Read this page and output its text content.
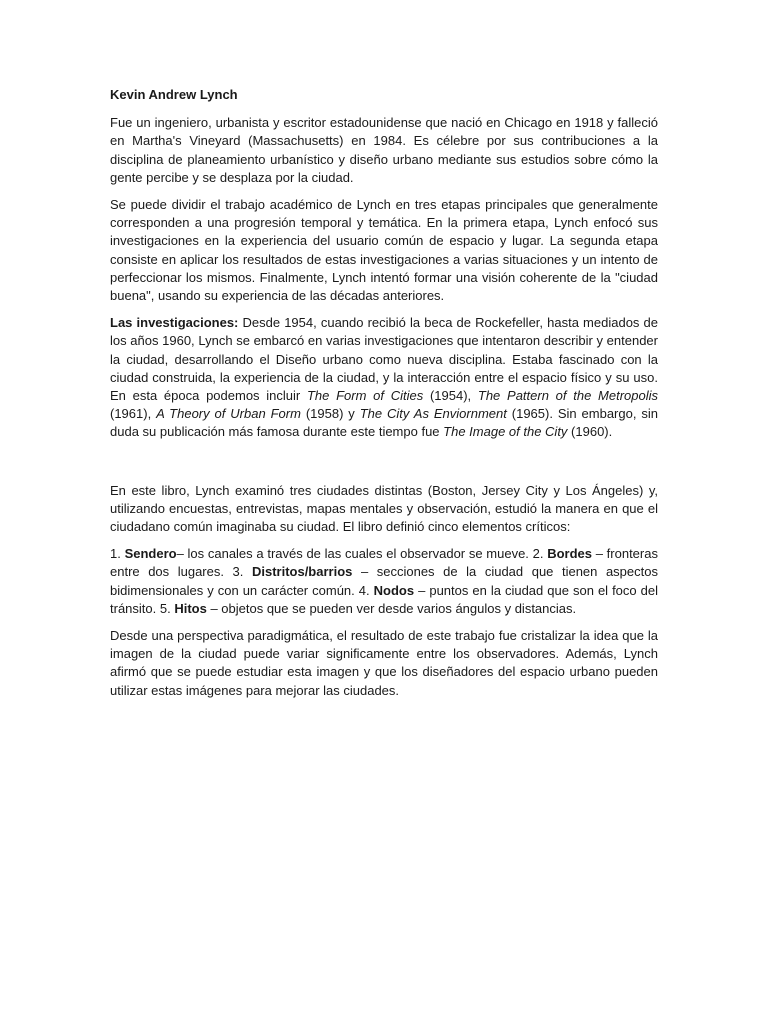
Kevin Andrew Lynch

Fue un ingeniero, urbanista y escritor estadounidense que nació en Chicago en 1918 y falleció en Martha's Vineyard (Massachusetts) en 1984. Es célebre por sus contribuciones a la disciplina de planeamiento urbanístico y diseño urbano mediante sus estudios sobre cómo la gente percibe y se desplaza por la ciudad.

Se puede dividir el trabajo académico de Lynch en tres etapas principales que generalmente corresponden a una progresión temporal y temática. En la primera etapa, Lynch enfocó sus investigaciones en la experiencia del usuario común de espacio y lugar. La segunda etapa consiste en aplicar los resultados de estas investigaciones a varias situaciones y un intento de perfeccionar los mismos. Finalmente, Lynch intentó formar una visión coherente de la "ciudad buena", usando su experiencia de las décadas anteriores.

Las investigaciones: Desde 1954, cuando recibió la beca de Rockefeller, hasta mediados de los años 1960, Lynch se embarcó en varias investigaciones que intentaron describir y entender la ciudad, desarrollando el Diseño urbano como nueva disciplina. Estaba fascinado con la ciudad construida, la experiencia de la ciudad, y la interacción entre el espacio físico y su uso. En esta época podemos incluir The Form of Cities (1954), The Pattern of the Metropolis (1961), A Theory of Urban Form (1958) y The City As Enviornment (1965). Sin embargo, sin duda su publicación más famosa durante este tiempo fue The Image of the City (1960).

En este libro, Lynch examinó tres ciudades distintas (Boston, Jersey City y Los Ángeles) y, utilizando encuestas, entrevistas, mapas mentales y observación, estudió la manera en que el ciudadano común imaginaba su ciudad. El libro definió cinco elementos críticos:

1. Sendero– los canales a través de las cuales el observador se mueve. 2. Bordes – fronteras entre dos lugares. 3. Distritos/barrios – secciones de la ciudad que tienen aspectos bidimensionales y con un carácter común. 4. Nodos – puntos en la ciudad que son el foco del tránsito. 5. Hitos – objetos que se pueden ver desde varios ángulos y distancias.

Desde una perspectiva paradigmática, el resultado de este trabajo fue cristalizar la idea que la imagen de la ciudad puede variar significamente entre los observadores. Además, Lynch afirmó que se puede estudiar esta imagen y que los diseñadores del espacio urbano pueden utilizar estas imágenes para mejorar las ciudades.
